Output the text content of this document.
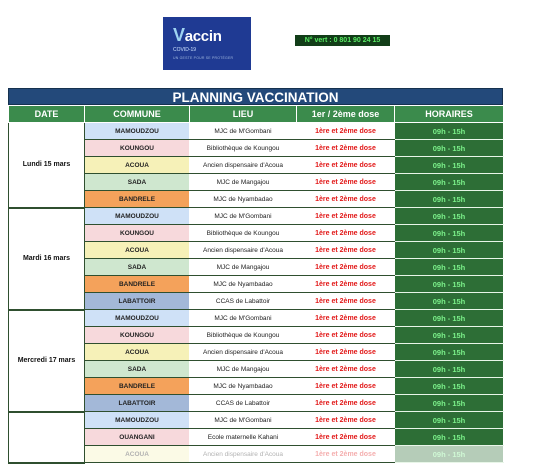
Vaccin
COVID-19
UN GESTE POUR SE PROTÉGER
N° vert : 0 801 90 24 15
PLANNING VACCINATION
DATE	COMMUNE	LIEU	1er / 2ème dose	HORAIRES
Lundi 15 mars	MAMOUDZOU	MJC de M'Gombani	1ère et 2ème dose	09h - 15h
	KOUNGOU	Bibliothèque de Koungou	1ère et 2ème dose	09h - 15h
	ACOUA	Ancien dispensaire d'Acoua	1ère et 2ème dose	09h - 15h
	SADA	MJC de Mangajou	1ère et 2ème dose	09h - 15h
	BANDRELE	MJC de Nyambadao	1ère et 2ème dose	09h - 15h
Mardi 16 mars	MAMOUDZOU	MJC de M'Gombani	1ère et 2ème dose	09h - 15h
	KOUNGOU	Bibliothèque de Koungou	1ère et 2ème dose	09h - 15h
	ACOUA	Ancien dispensaire d'Acoua	1ère et 2ème dose	09h - 15h
	SADA	MJC de Mangajou	1ère et 2ème dose	09h - 15h
	BANDRELE	MJC de Nyambadao	1ère et 2ème dose	09h - 15h
	LABATTOIR	CCAS de Labattoir	1ère et 2ème dose	09h - 15h
Mercredi 17 mars	MAMOUDZOU	MJC de M'Gombani	1ère et 2ème dose	09h - 15h
	KOUNGOU	Bibliothèque de Koungou	1ère et 2ème dose	09h - 15h
	ACOUA	Ancien dispensaire d'Acoua	1ère et 2ème dose	09h - 15h
	SADA	MJC de Mangajou	1ère et 2ème dose	09h - 15h
	BANDRELE	MJC de Nyambadao	1ère et 2ème dose	09h - 15h
	LABATTOIR	CCAS de Labattoir	1ère et 2ème dose	09h - 15h
	MAMOUDZOU	MJC de M'Gombani	1ère et 2ème dose	09h - 15h
	OUANGANI	Ecole maternelle Kahani	1ère et 2ème dose	09h - 15h
	ACOUA	Ancien dispensaire d'Acoua	1ère et 2ème dose	09h - 15h
